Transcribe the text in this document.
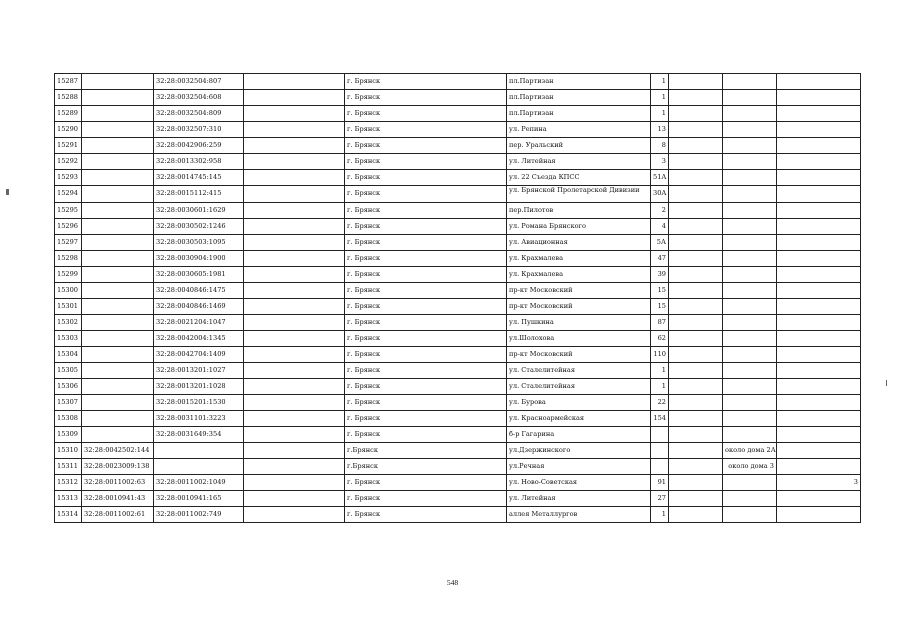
15287		32:28:0032504:807		г. Брянск	пл.Партизан	1			
15288		32:28:0032504:608		г. Брянск	пл.Партизан	1			
15289		32:28:0032504:809		г. Брянск	пл.Партизан	1			
15290		32:28:0032507:310		г. Брянск	ул. Репина	13			
15291		32:28:0042906:259		г. Брянск	пер. Уральский	8			
15292		32:28:0013302:958		г. Брянск	ул. Литейная	3			
15293		32:28:0014745:145		г. Брянск	ул. 22 Съезда КПСС	51А			
15294		32:28:0015112:415		г. Брянск	ул. Брянской Пролетарской Дивизии	30А			
15295		32:28:0030601:1629		г. Брянск	пер.Пилотов	2			
15296		32:28:0030502:1246		г. Брянск	ул. Романа Брянского	4			
15297		32:28:0030503:1095		г. Брянск	ул. Авиационная	5А			
15298		32:28:0030904:1900		г. Брянск	ул. Крахмалева	47			
15299		32:28:0030605:1981		г. Брянск	ул. Крахмалева	39			
15300		32:28:0040846:1475		г. Брянск	пр-кт Московский	15			
15301		32:28:0040846:1469		г. Брянск	пр-кт Московский	15			
15302		32:28:0021204:1047		г. Брянск	ул. Пушкина	87			
15303		32:28:0042004:1345		г. Брянск	ул.Шолохова	62			
15304		32:28:0042704:1409		г. Брянск	пр-кт Московский	110			
15305		32:28:0013201:1027		г. Брянск	ул. Сталелитейная	1			
15306		32:28:0013201:1028		г. Брянск	ул. Сталелитейная	1			
15307		32:28:0015201:1530		г. Брянск	ул. Бурова	22			
15308		32:28:0031101:3223		г. Брянск	ул. Красноармейская	154			
15309		32:28:0031649:354		г. Брянск	б-р Гагарина				
15310	32:28:0042502:144			г.Брянск	ул.Дзержинского			около дома 2А	
15311	32:28:0023009:138			г.Брянск	ул.Речная			около дома 3	
15312	32:28:0011002:63	32:28:0011002:1049		г. Брянск	ул. Ново-Советская	91			3
15313	32:28:0010941:43	32:28:0010941:165		г. Брянск	ул. Литейная	27			
15314	32:28:0011002:61	32:28:0011002:749		г. Брянск	аллея Металлургов	1			
548
